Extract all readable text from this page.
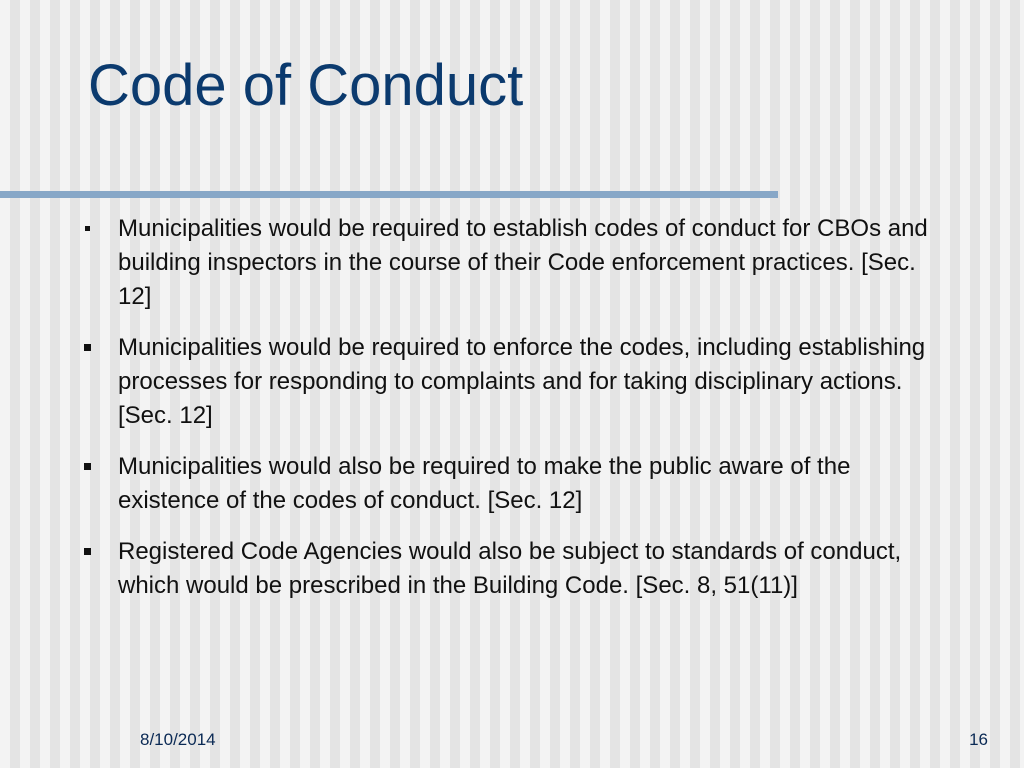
Code of Conduct
Municipalities would be required to establish codes of conduct for CBOs and building inspectors in the course of their Code enforcement practices. [Sec. 12]
Municipalities would be required to enforce the codes, including establishing processes for responding to complaints and for taking disciplinary actions. [Sec. 12]
Municipalities would also be required to make the public aware of the existence of the codes of conduct. [Sec. 12]
Registered Code Agencies would also be subject to standards of conduct, which would be prescribed in the Building Code. [Sec. 8, 51(11)]
8/10/2014	16
